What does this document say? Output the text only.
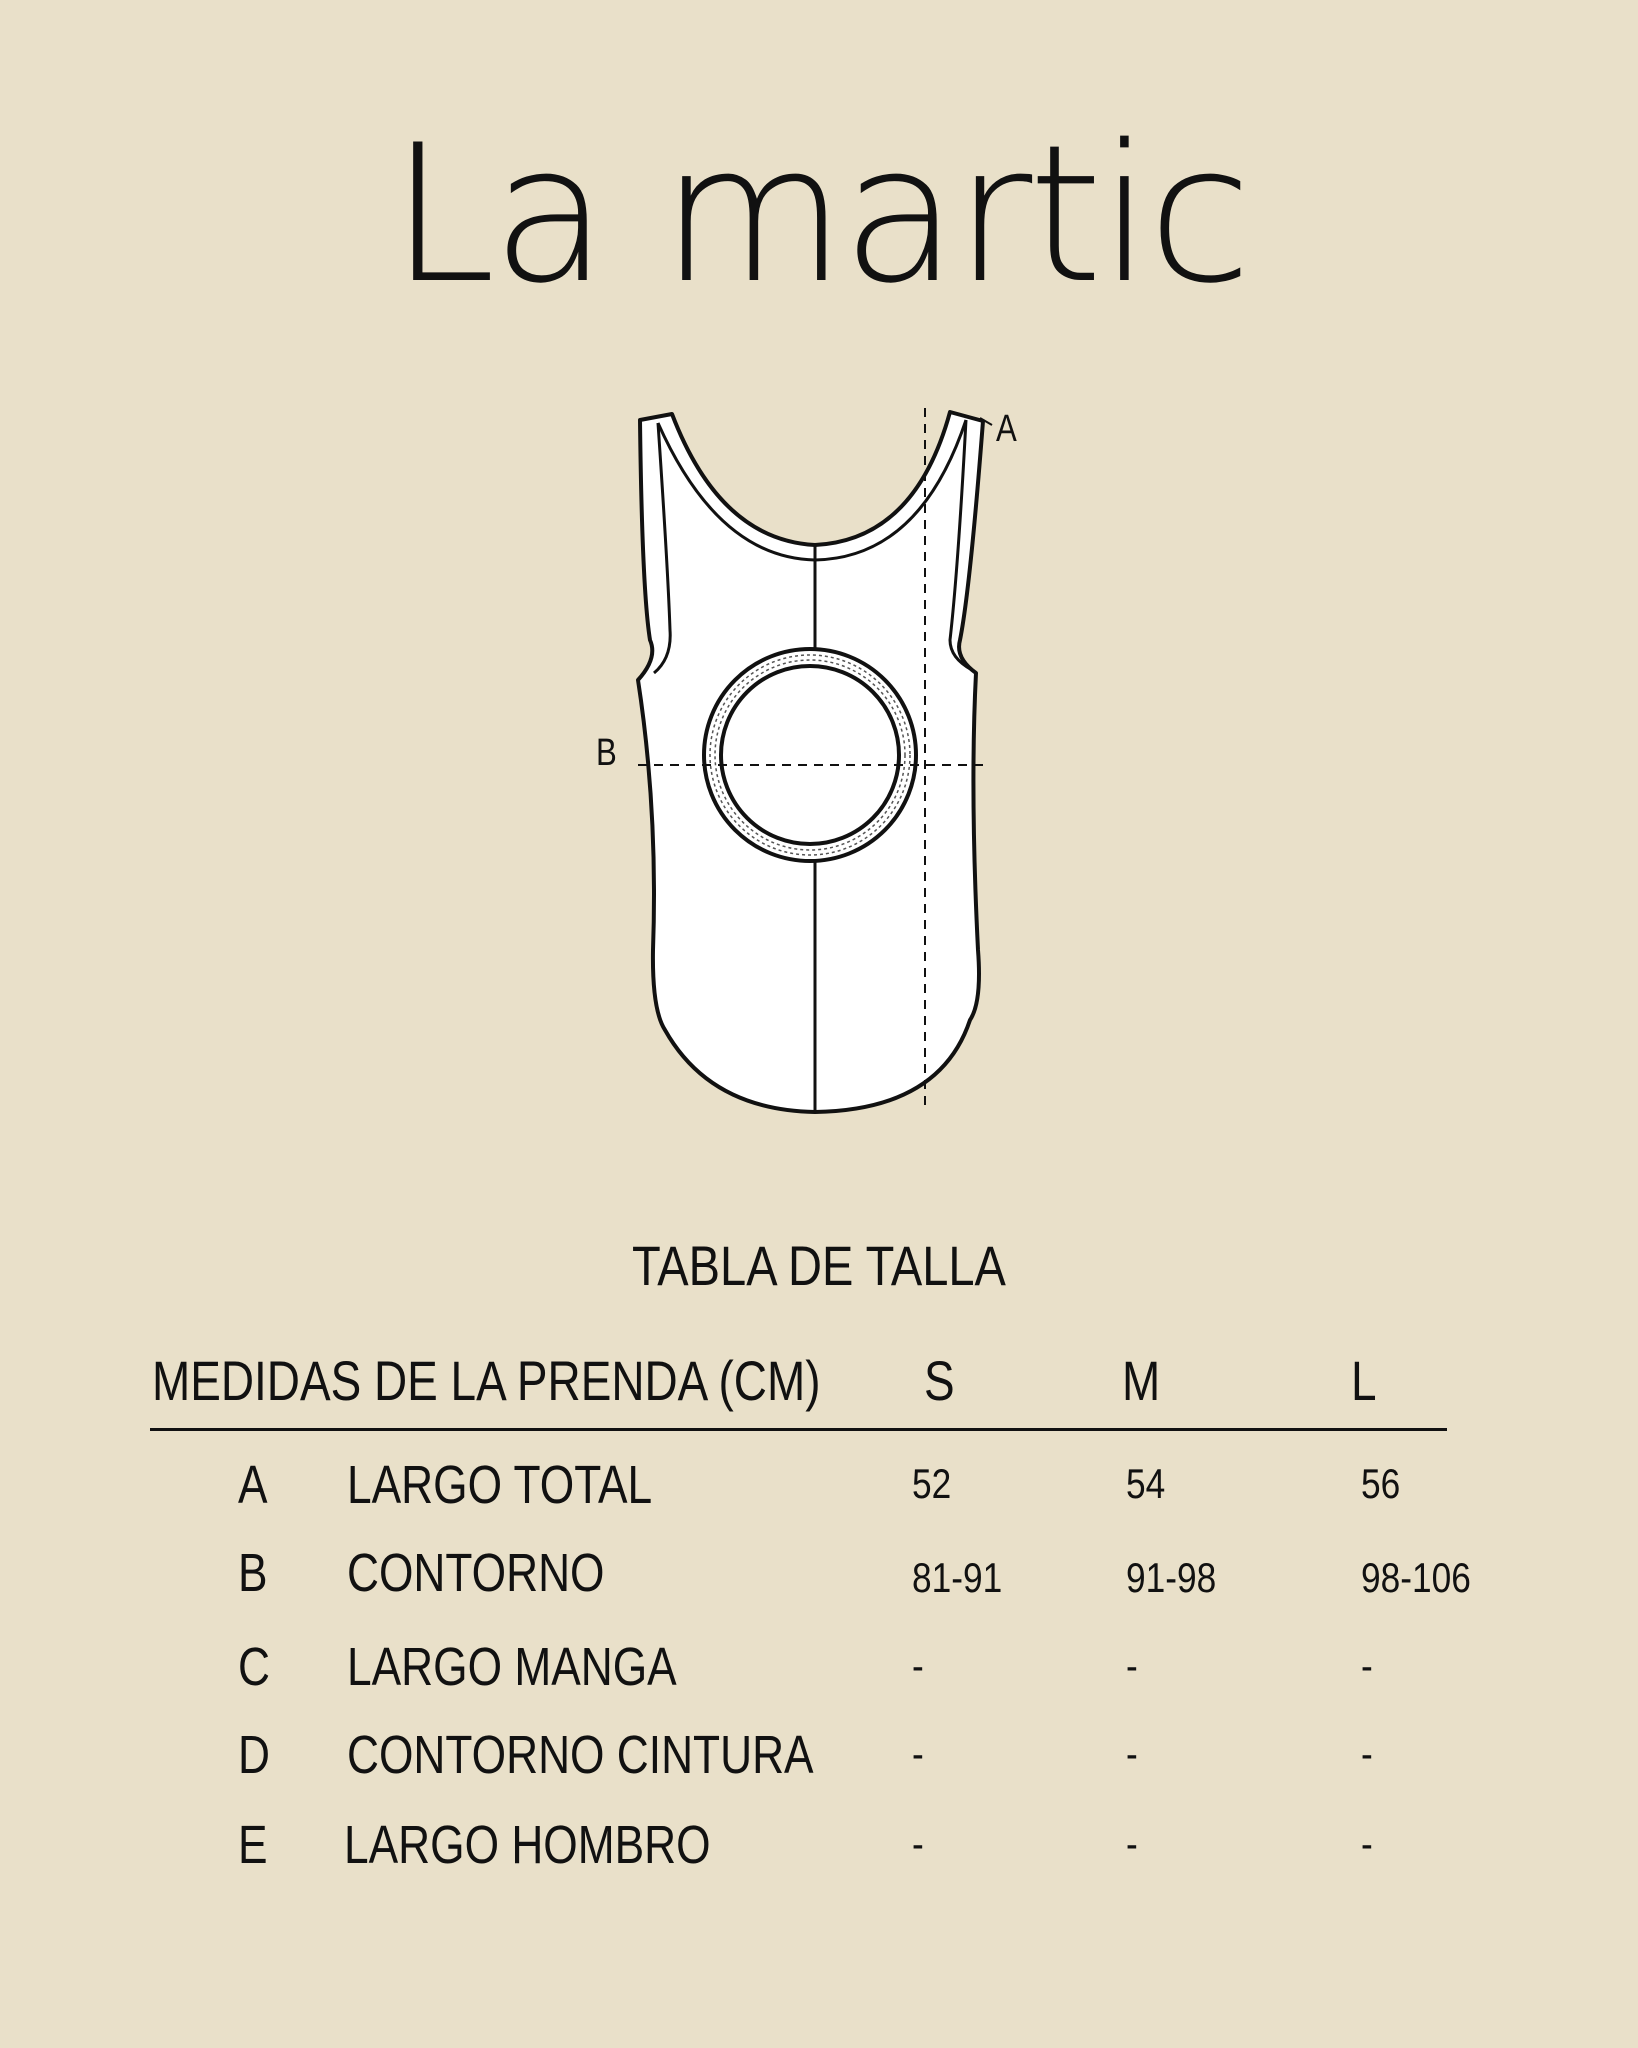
La martic
A
B
TABLA DE TALLA
MEDIDAS DE LA PRENDA (CM) S	M	L
A LARGO TOTAL	52	54	56
B CONTORNO	81-91	91-98	98-106
C LARGO MANGA	-	-	-
D CONTORNO CINTURA -	-	-
E LARGO HOMBRO	-	-	-
